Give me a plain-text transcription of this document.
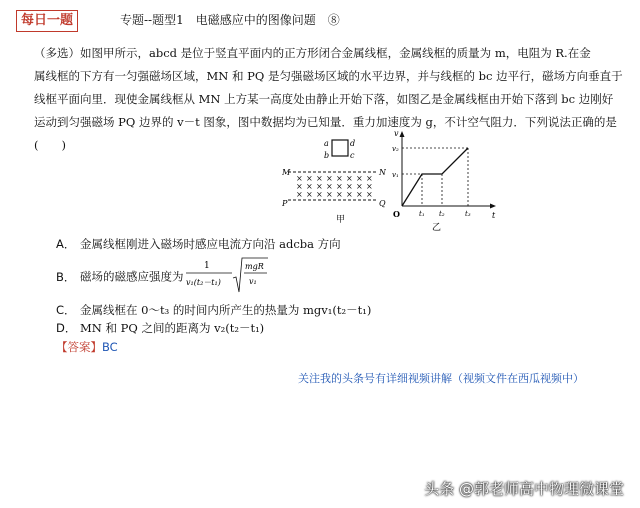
每日一题	专题--题型1　电磁感应中的图像问题　⑧
（多选）如图甲所示，abcd 是位于竖直平面内的正方形闭合金属线框，金属线框的质量为 m，电阻为 R.在金
属线框的下方有一匀强磁场区域，MN 和 PQ 是匀强磁场区域的水平边界，并与线框的 bc 边平行，磁场方向垂直于
线框平面向里．现使金属线框从 MN 上方某一高度处由静止开始下落，如图乙是金属线框由开始下落到 bc 边刚好
运动到匀强磁场 PQ 边界的 v－t 图象，图中数据均为已知量．重力加速度为 g，不计空气阻力．下列说法正确的是
(　　)	a
b	c
d
M	N
P	Q
× × × × × × × ×
× × × × × × × ×
× × × × × × × ×
甲
v
t
O
v₂
v₁
t₁ t₂	t₃
乙
A． 金属线框刚进入磁场时感应电流方向沿 adcba 方向
B． 磁场的磁感应强度为
1
v₁(t₂－t₁)
mgR
v₁
C． 金属线框在 0～t₃ 的时间内所产生的热量为 mgv₁(t₂－t₁)
D． MN 和 PQ 之间的距离为 v₂(t₂－t₁)
【答案】BC
关注我的头条号有详细视频讲解（视频文件在西瓜视频中）
头条 @郭老师高中物理微课堂
